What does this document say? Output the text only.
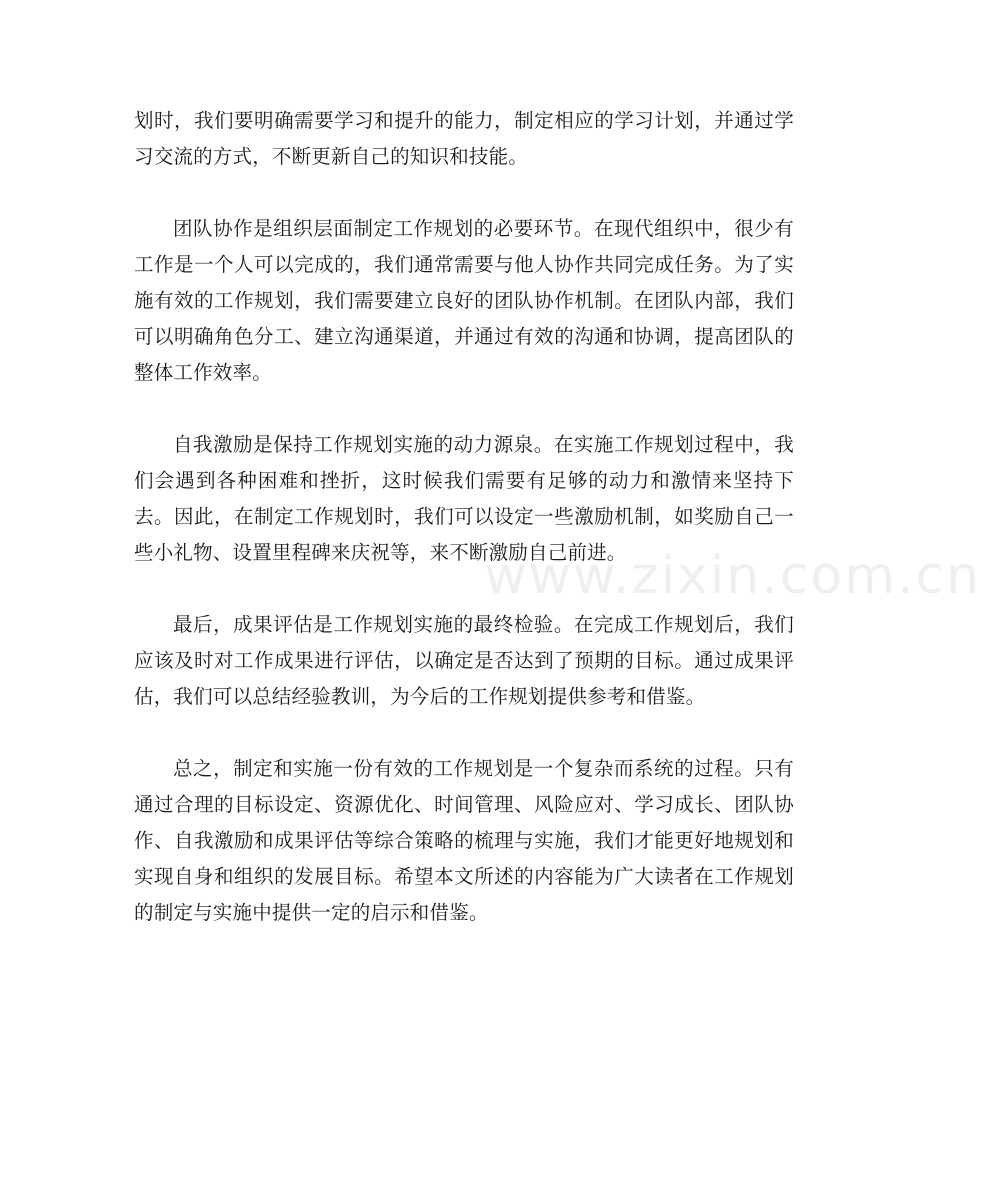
划时，我们要明确需要学习和提升的能力，制定相应的学习计划，并通过学习交流的方式，不断更新自己的知识和技能。

团队协作是组织层面制定工作规划的必要环节。在现代组织中，很少有工作是一个人可以完成的，我们通常需要与他人协作共同完成任务。为了实施有效的工作规划，我们需要建立良好的团队协作机制。在团队内部，我们可以明确角色分工、建立沟通渠道，并通过有效的沟通和协调，提高团队的整体工作效率。

自我激励是保持工作规划实施的动力源泉。在实施工作规划过程中，我们会遇到各种困难和挫折，这时候我们需要有足够的动力和激情来坚持下去。因此，在制定工作规划时，我们可以设定一些激励机制，如奖励自己一些小礼物、设置里程碑来庆祝等，来不断激励自己前进。

最后，成果评估是工作规划实施的最终检验。在完成工作规划后，我们应该及时对工作成果进行评估，以确定是否达到了预期的目标。通过成果评估，我们可以总结经验教训，为今后的工作规划提供参考和借鉴。

总之，制定和实施一份有效的工作规划是一个复杂而系统的过程。只有通过合理的目标设定、资源优化、时间管理、风险应对、学习成长、团队协作、自我激励和成果评估等综合策略的梳理与实施，我们才能更好地规划和实现自身和组织的发展目标。希望本文所述的内容能为广大读者在工作规划的制定与实施中提供一定的启示和借鉴。

www.zixin.com.cn
